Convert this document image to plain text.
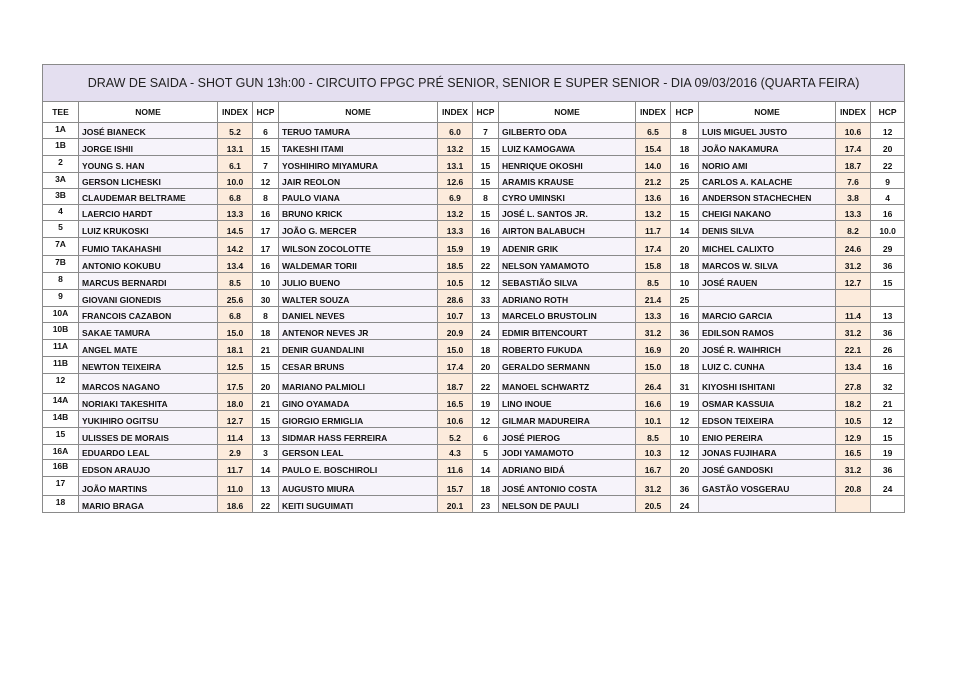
DRAW DE SAIDA - SHOT GUN 13h:00 - CIRCUITO FPGC PRÉ SENIOR, SENIOR E SUPER SENIOR - DIA 09/03/2016 (QUARTA FEIRA)												
TEE	NOME	INDEX	HCP	NOME	INDEX	HCP	NOME	INDEX	HCP	NOME	INDEX	HCP
1A	JOSÉ BIANECK	5.2	6	TERUO TAMURA	6.0	7	GILBERTO ODA	6.5	8	LUIS MIGUEL JUSTO	10.6	12
1B	JORGE ISHII	13.1	15	TAKESHI ITAMI	13.2	15	LUIZ KAMOGAWA	15.4	18	JOÃO NAKAMURA	17.4	20
2	YOUNG S. HAN	6.1	7	YOSHIHIRO MIYAMURA	13.1	15	HENRIQUE OKOSHI	14.0	16	NORIO AMI	18.7	22
3A	GERSON LICHESKI	10.0	12	JAIR REOLON	12.6	15	ARAMIS KRAUSE	21.2	25	CARLOS A. KALACHE	7.6	9
3B	CLAUDEMAR BELTRAME	6.8	8	PAULO VIANA	6.9	8	CYRO UMINSKI	13.6	16	ANDERSON STACHECHEN	3.8	4
4	LAERCIO HARDT	13.3	16	BRUNO KRICK	13.2	15	JOSÉ L. SANTOS JR.	13.2	15	CHEIGI NAKANO	13.3	16
5	LUIZ KRUKOSKI	14.5	17	JOÃO G. MERCER	13.3	16	AIRTON BALABUCH	11.7	14	DENIS SILVA	8.2	10.0
7A	FUMIO TAKAHASHI	14.2	17	WILSON ZOCOLOTTE	15.9	19	ADENIR GRIK	17.4	20	MICHEL CALIXTO	24.6	29
7B	ANTONIO KOKUBU	13.4	16	WALDEMAR TORII	18.5	22	NELSON YAMAMOTO	15.8	18	MARCOS W. SILVA	31.2	36
8	MARCUS BERNARDI	8.5	10	JULIO BUENO	10.5	12	SEBASTIÃO SILVA	8.5	10	JOSÉ RAUEN	12.7	15
9	GIOVANI GIONEDIS	25.6	30	WALTER SOUZA	28.6	33	ADRIANO ROTH	21.4	25			
10A	FRANCOIS CAZABON	6.8	8	DANIEL NEVES	10.7	13	MARCELO BRUSTOLIN	13.3	16	MARCIO GARCIA	11.4	13
10B	SAKAE TAMURA	15.0	18	ANTENOR NEVES JR	20.9	24	EDMIR BITENCOURT	31.2	36	EDILSON RAMOS	31.2	36
11A	ANGEL MATE	18.1	21	DENIR GUANDALINI	15.0	18	ROBERTO FUKUDA	16.9	20	JOSÉ R. WAIHRICH	22.1	26
11B	NEWTON TEIXEIRA	12.5	15	CESAR BRUNS	17.4	20	GERALDO SERMANN	15.0	18	LUIZ C. CUNHA	13.4	16
12	MARCOS NAGANO	17.5	20	MARIANO PALMIOLI	18.7	22	MANOEL SCHWARTZ	26.4	31	KIYOSHI ISHITANI	27.8	32
14A	NORIAKI TAKESHITA	18.0	21	GINO OYAMADA	16.5	19	LINO INOUE	16.6	19	OSMAR KASSUIA	18.2	21
14B	YUKIHIRO OGITSU	12.7	15	GIORGIO ERMIGLIA	10.6	12	GILMAR MADUREIRA	10.1	12	EDSON TEIXEIRA	10.5	12
15	ULISSES DE MORAIS	11.4	13	SIDMAR HASS FERREIRA	5.2	6	JOSÉ PIEROG	8.5	10	ENIO PEREIRA	12.9	15
16A	EDUARDO LEAL	2.9	3	GERSON LEAL	4.3	5	JODI YAMAMOTO	10.3	12	JONAS FUJIHARA	16.5	19
16B	EDSON ARAUJO	11.7	14	PAULO E. BOSCHIROLI	11.6	14	ADRIANO BIDÁ	16.7	20	JOSÉ GANDOSKI	31.2	36
17	JOÃO MARTINS	11.0	13	AUGUSTO MIURA	15.7	18	JOSÉ ANTONIO COSTA	31.2	36	GASTÃO VOSGERAU	20.8	24
18	MARIO BRAGA	18.6	22	KEITI SUGUIMATI	20.1	23	NELSON DE PAULI	20.5	24			
